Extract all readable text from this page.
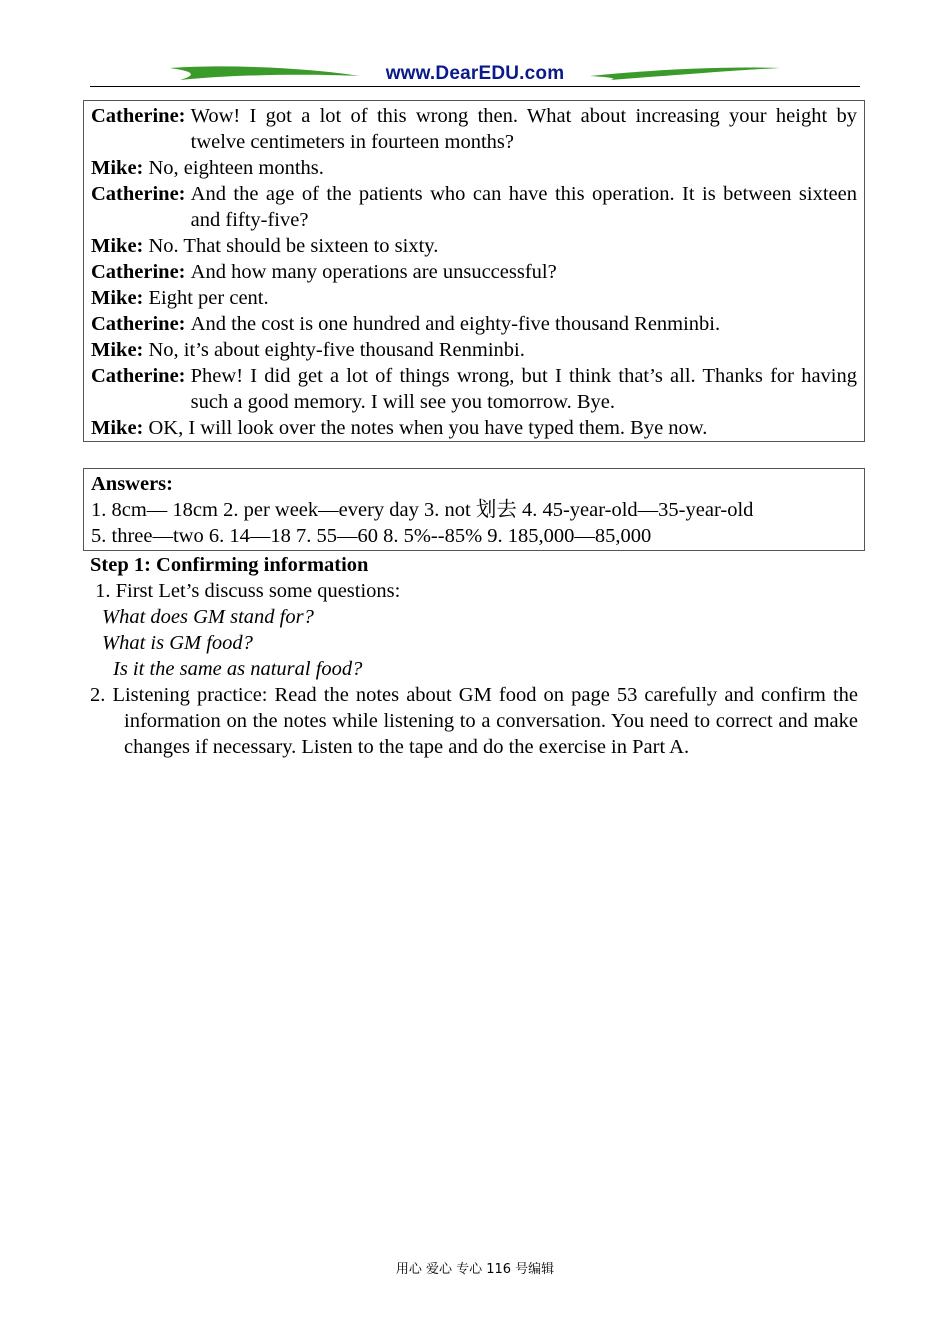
www.DearEDU.com
Catherine:
Wow! I got a lot of this wrong then. What about increasing your height by twelve centimeters in fourteen months?
Mike:
No, eighteen months.
Catherine:
And the age of the patients who can have this operation. It is between sixteen and fifty-five?
Mike:
No. That should be sixteen to sixty.
Catherine:
And how many operations are unsuccessful?
Mike:
Eight per cent.
Catherine:
And the cost is one hundred and eighty-five thousand Renminbi.
Mike:
No, it’s about eighty-five thousand Renminbi.
Catherine:
Phew! I did get a lot of things wrong, but I think that’s all. Thanks for having such a good memory. I will see you tomorrow. Bye.
Mike:
OK, I will look over the notes when you have typed them. Bye now.
Answers:
1. 8cm— 18cm 2. per week—every day 3. not 划去 4. 45-year-old—35-year-old
5. three—two 6. 14—18 7. 55—60 8. 5%--85% 9. 185,000—85,000
Step 1: Confirming information
1. First Let’s discuss some questions:
What does GM stand for?
What is GM food?
Is it the same as natural food?
2. Listening practice: Read the notes about GM food on page 53 carefully and confirm the information on the notes while listening to a conversation. You need to correct and make changes if necessary. Listen to the tape and do the exercise in Part A.
用心 爱心 专心 116 号编辑
